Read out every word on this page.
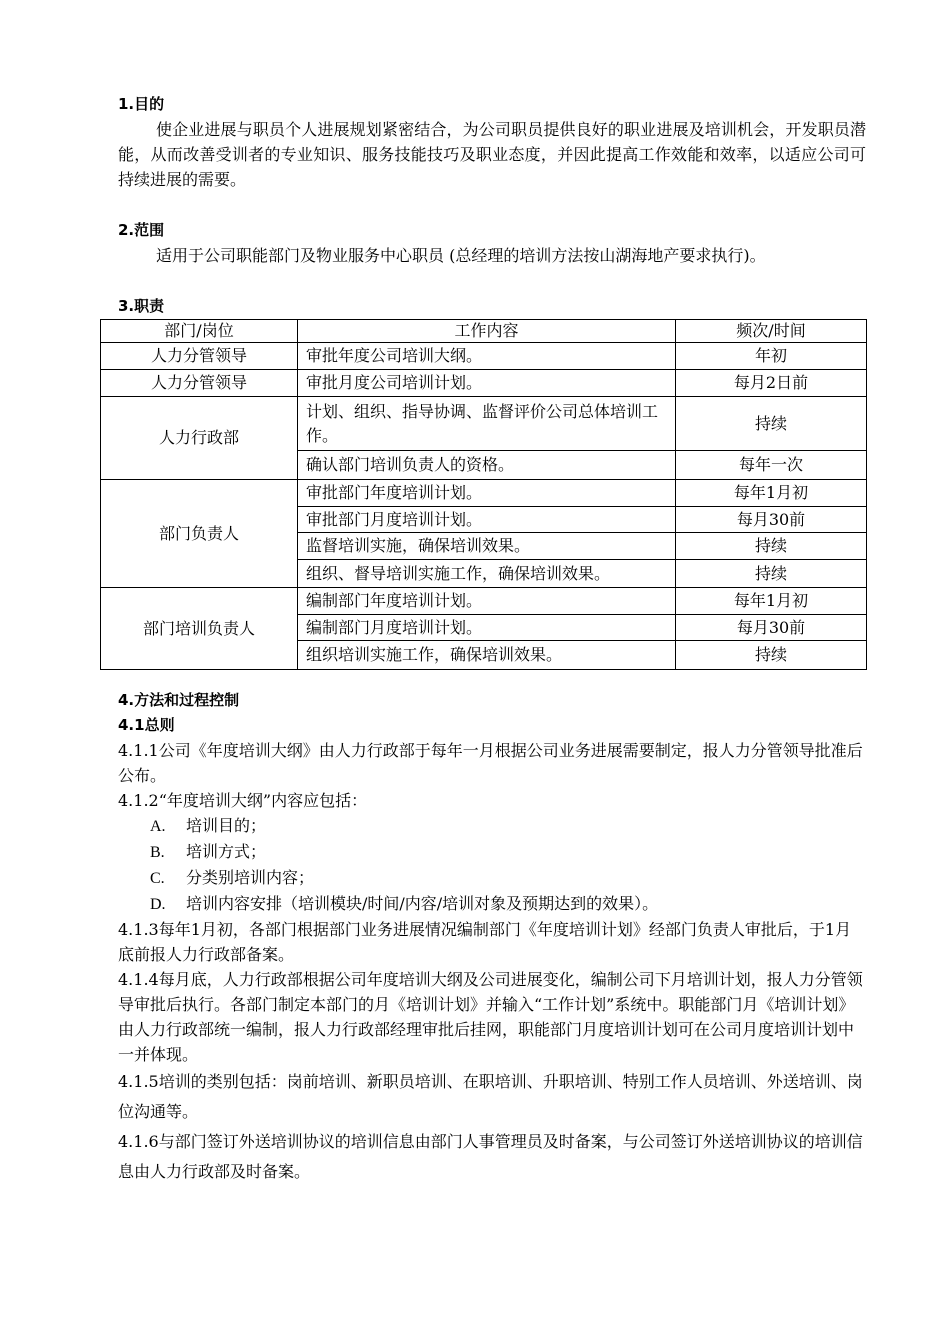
1.目的
使企业进展与职员个人进展规划紧密结合，为公司职员提供良好的职业进展及培训机会，开发职员潜能，从而改善受训者的专业知识、服务技能技巧及职业态度，并因此提高工作效能和效率，以适应公司可持续进展的需要。
2.范围
适用于公司职能部门及物业服务中心职员 (总经理的培训方法按山湖海地产要求执行)。
3.职责
部门/岗位	工作内容	频次/时间
人力分管领导	审批年度公司培训大纲。	年初
人力分管领导	审批月度公司培训计划。	每月2日前
人力行政部	计划、组织、指导协调、监督评价公司总体培训工作。	持续
	确认部门培训负责人的资格。	每年一次
部门负责人	审批部门年度培训计划。	每年1月初
	审批部门月度培训计划。	每月30前
	监督培训实施，确保培训效果。	持续
	组织、督导培训实施工作，确保培训效果。	持续
部门培训负责人	编制部门年度培训计划。	每年1月初
	编制部门月度培训计划。	每月30前
	组织培训实施工作，确保培训效果。	持续
4.方法和过程控制
4.1总则
4.1.1公司《年度培训大纲》由人力行政部于每年一月根据公司业务进展需要制定，报人力分管领导批准后公布。
4.1.2“年度培训大纲”内容应包括：
A. 培训目的；
B. 培训方式；
C. 分类别培训内容；
D. 培训内容安排（培训模块/时间/内容/培训对象及预期达到的效果）。
4.1.3每年1月初，各部门根据部门业务进展情况编制部门《年度培训计划》经部门负责人审批后，于1月底前报人力行政部备案。
4.1.4每月底，人力行政部根据公司年度培训大纲及公司进展变化，编制公司下月培训计划，报人力分管领导审批后执行。各部门制定本部门的月《培训计划》并输入“工作计划”系统中。职能部门月《培训计划》由人力行政部统一编制，报人力行政部经理审批后挂网，职能部门月度培训计划可在公司月度培训计划中一并体现。
4.1.5培训的类别包括：岗前培训、新职员培训、在职培训、升职培训、特别工作人员培训、外送培训、岗位沟通等。
4.1.6与部门签订外送培训协议的培训信息由部门人事管理员及时备案，与公司签订外送培训协议的培训信息由人力行政部及时备案。
